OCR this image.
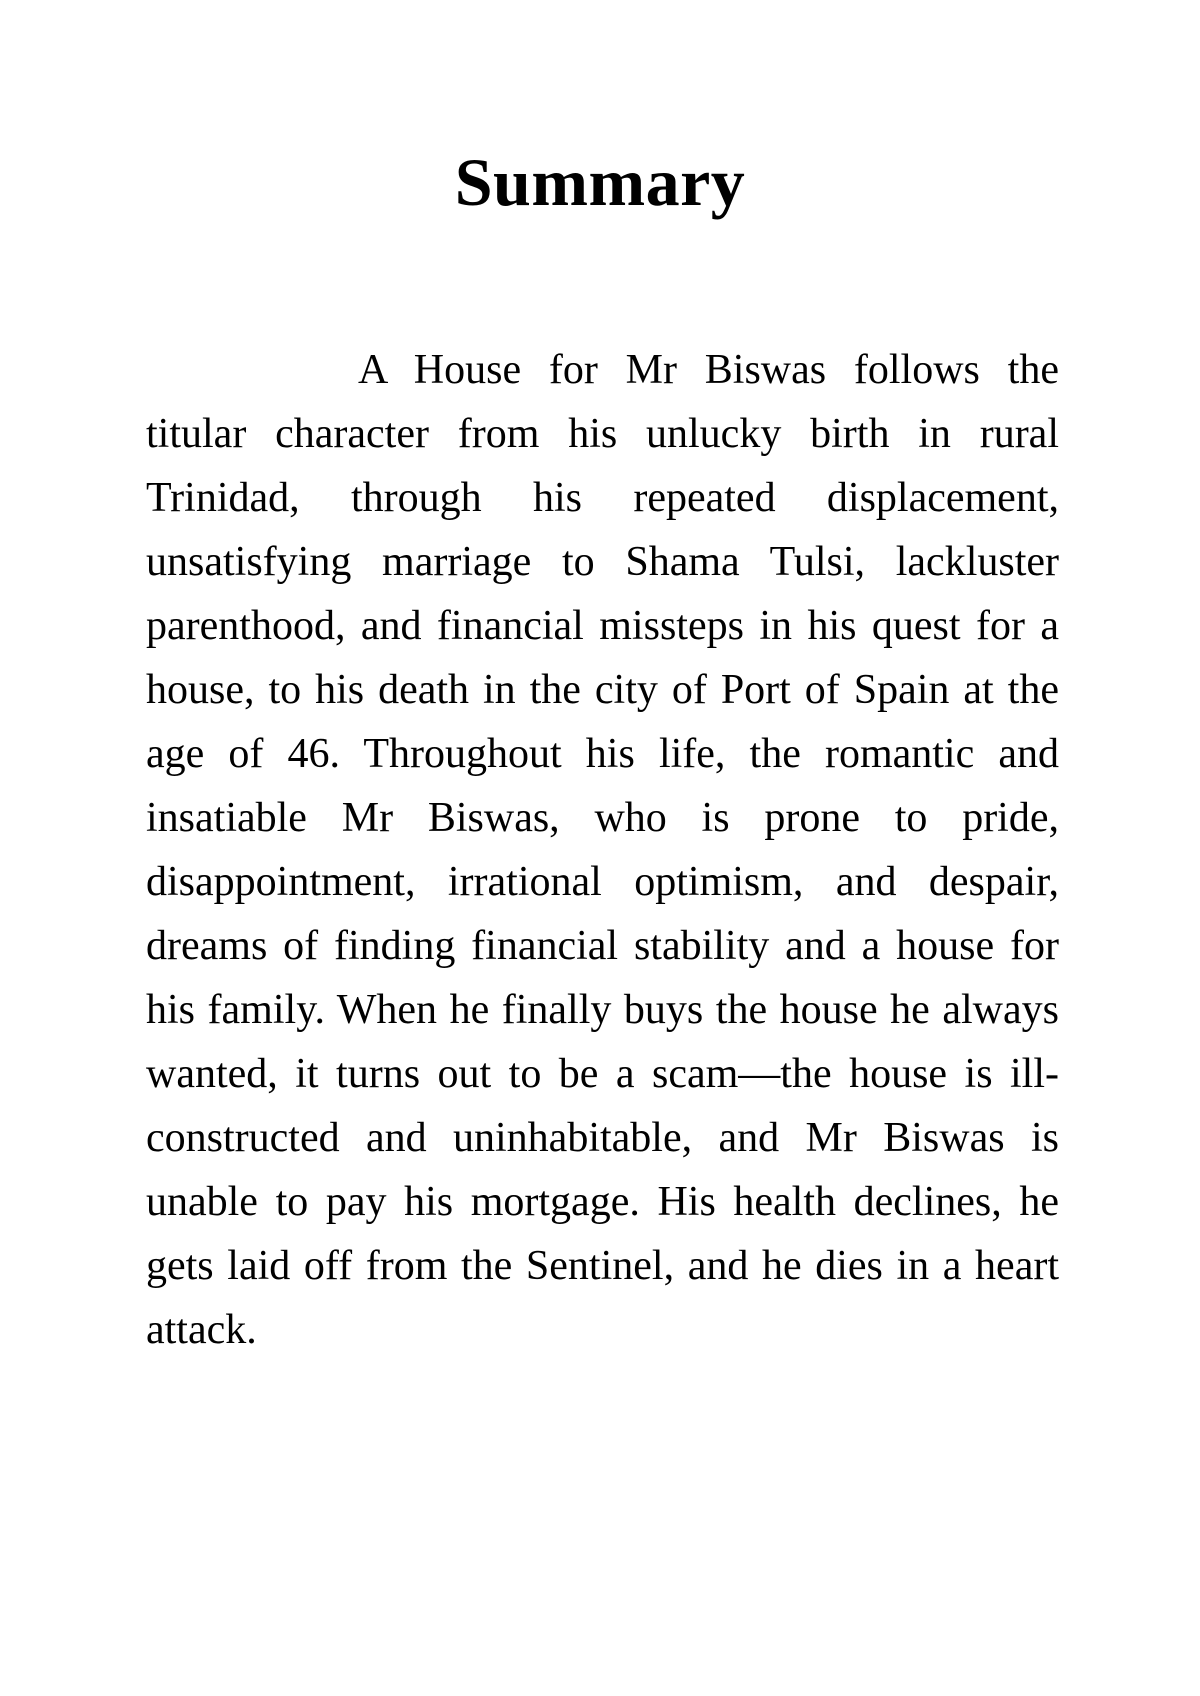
Summary

A House for Mr Biswas follows the titular character from his unlucky birth in rural Trinidad, through his repeated displacement, unsatisfying marriage to Shama Tulsi, lackluster parenthood, and financial missteps in his quest for a house, to his death in the city of Port of Spain at the age of 46. Throughout his life, the romantic and insatiable Mr Biswas, who is prone to pride, disappointment, irrational optimism, and despair, dreams of finding financial stability and a house for his family. When he finally buys the house he always wanted, it turns out to be a scam—the house is ill-constructed and uninhabitable, and Mr Biswas is unable to pay his mortgage. His health declines, he gets laid off from the Sentinel, and he dies in a heart attack.
